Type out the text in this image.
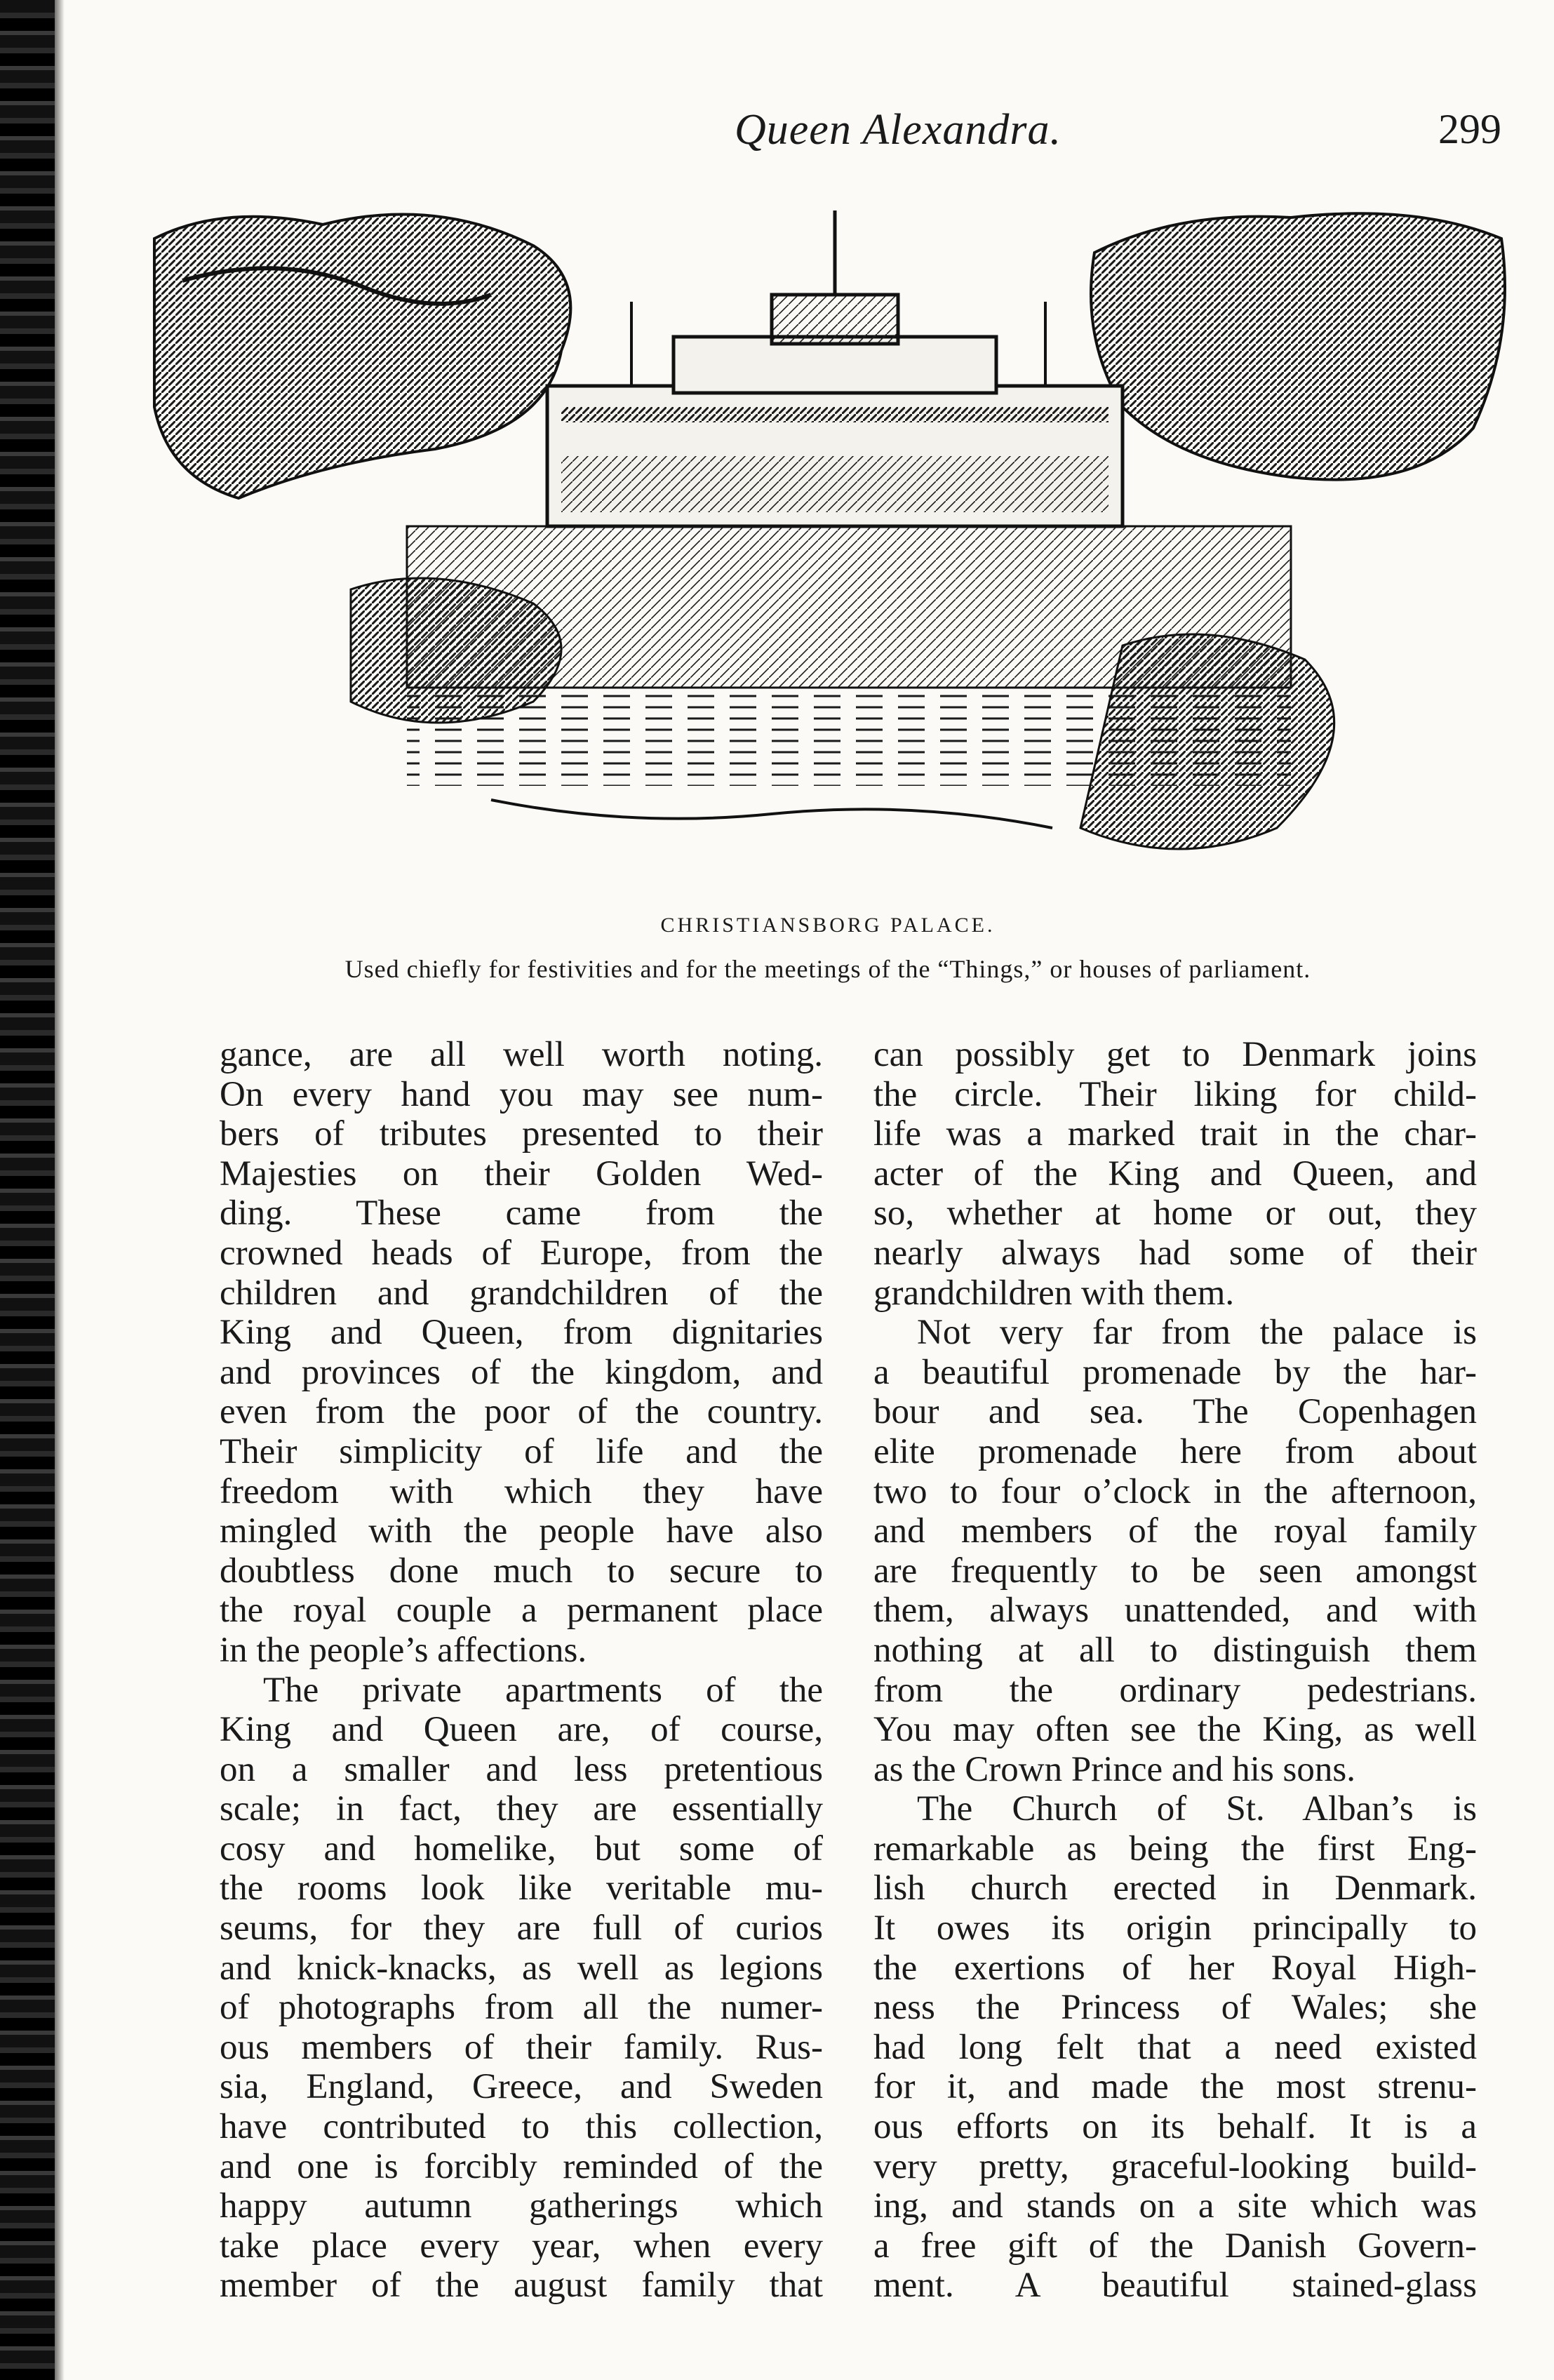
Queen Alexandra.	299
CHRISTIANSBORG PALACE.
Used chiefly for festivities and for the meetings of the “Things,” or houses of parliament.
gance, are all well worth noting.
On every hand you may see num-
bers of tributes presented to their
Majesties on their Golden Wed-
ding. These came from the
crowned heads of Europe, from the
children and grandchildren of the
King and Queen, from dignitaries
and provinces of the kingdom, and
even from the poor of the country.
Their simplicity of life and the
freedom with which they have
mingled with the people have also
doubtless done much to secure to
the royal couple a permanent place
in the people’s affections.
The private apartments of the
King and Queen are, of course,
on a smaller and less pretentious
scale; in fact, they are essentially
cosy and homelike, but some of
the rooms look like veritable mu-
seums, for they are full of curios
and knick-knacks, as well as legions
of photographs from all the numer-
ous members of their family. Rus-
sia, England, Greece, and Sweden
have contributed to this collection,
and one is forcibly reminded of the
happy autumn gatherings which
take place every year, when every
member of the august family that
can possibly get to Denmark joins
the circle. Their liking for child-
life was a marked trait in the char-
acter of the King and Queen, and
so, whether at home or out, they
nearly always had some of their
grandchildren with them.
Not very far from the palace is
a beautiful promenade by the har-
bour and sea. The Copenhagen
elite promenade here from about
two to four o’clock in the afternoon,
and members of the royal family
are frequently to be seen amongst
them, always unattended, and with
nothing at all to distinguish them
from the ordinary pedestrians.
You may often see the King, as well
as the Crown Prince and his sons.
The Church of St. Alban’s is
remarkable as being the first Eng-
lish church erected in Denmark.
It owes its origin principally to
the exertions of her Royal High-
ness the Princess of Wales; she
had long felt that a need existed
for it, and made the most strenu-
ous efforts on its behalf. It is a
very pretty, graceful-looking build-
ing, and stands on a site which was
a free gift of the Danish Govern-
ment. A beautiful stained-glass
